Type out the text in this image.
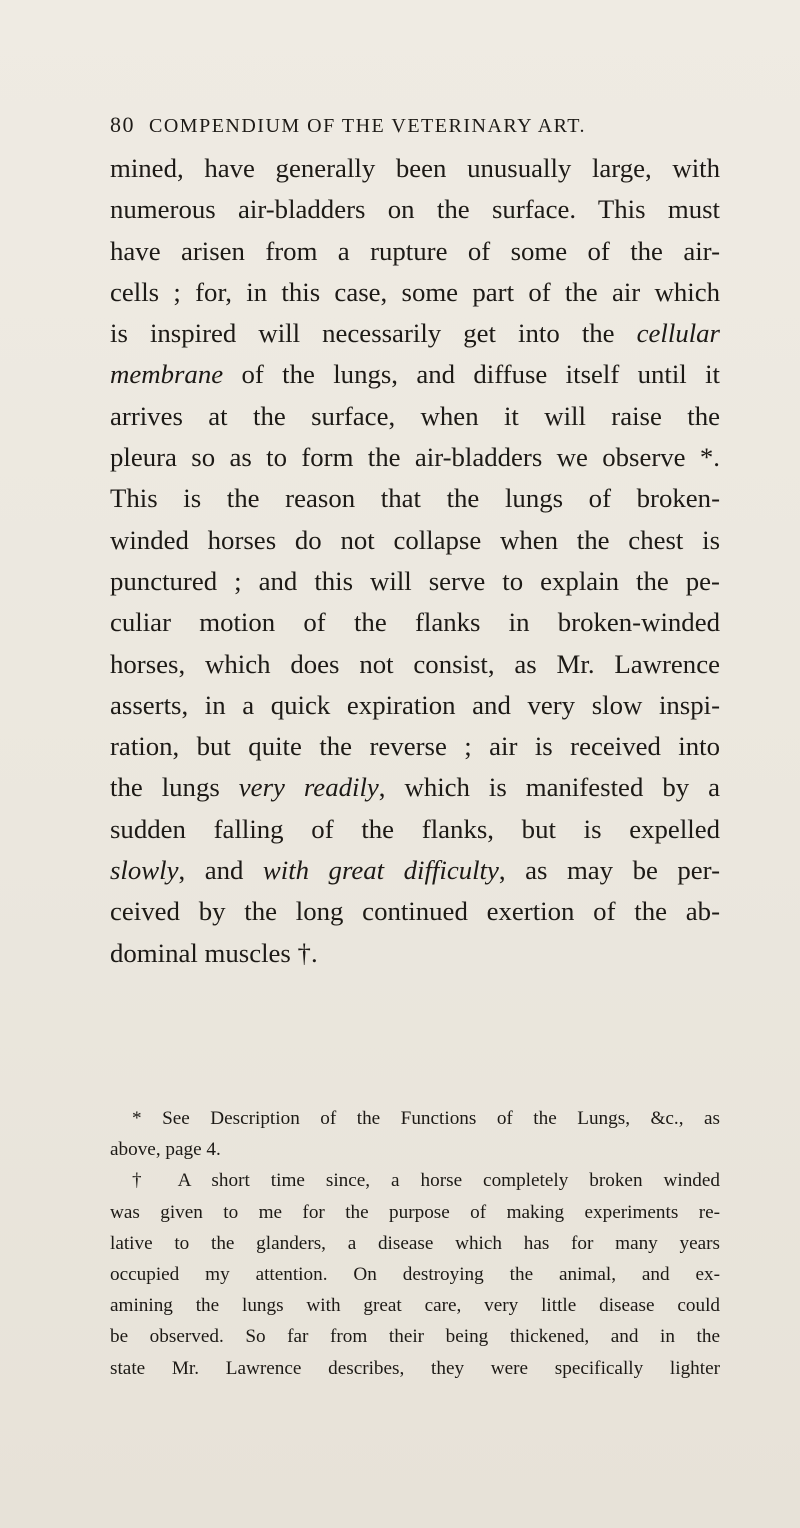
80 COMPENDIUM OF THE VETERINARY ART.
mined, have generally been unusually large, with
numerous air-bladders on the surface. This must
have arisen from a rupture of some of the air-
cells ; for, in this case, some part of the air which
is inspired will necessarily get into the cellular
membrane of the lungs, and diffuse itself until it
arrives at the surface, when it will raise the
pleura so as to form the air-bladders we observe *.
This is the reason that the lungs of broken-
winded horses do not collapse when the chest is
punctured ; and this will serve to explain the pe-
culiar motion of the flanks in broken-winded
horses, which does not consist, as Mr. Lawrence
asserts, in a quick expiration and very slow inspi-
ration, but quite the reverse ; air is received into
the lungs very readily, which is manifested by a
sudden falling of the flanks, but is expelled
slowly, and with great difficulty, as may be per-
ceived by the long continued exertion of the ab-
dominal muscles †.
* See Description of the Functions of the Lungs, &c., as
above, page 4.
† A short time since, a horse completely broken winded
was given to me for the purpose of making experiments re-
lative to the glanders, a disease which has for many years
occupied my attention. On destroying the animal, and ex-
amining the lungs with great care, very little disease could
be observed. So far from their being thickened, and in the
state Mr. Lawrence describes, they were specifically lighter
